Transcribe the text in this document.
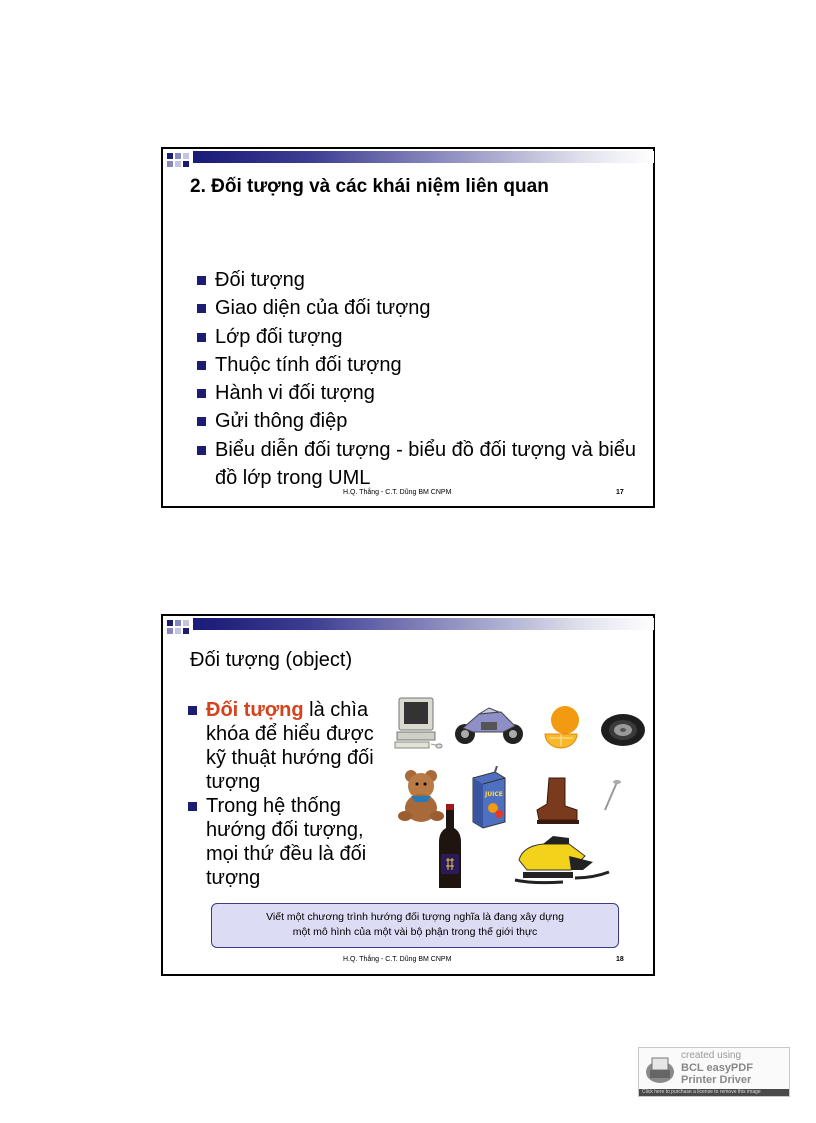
2. Đối tượng và các khái niệm liên quan
Đối tượng
Giao diện của đối tượng
Lớp đối tượng
Thuộc tính đối tượng
Hành vi đối tượng
Gửi thông điệp
Biểu diễn đối tượng - biểu đồ đối tượng và biểu đồ lớp trong UML
H.Q. Thắng - C.T. Dũng BM CNPM	17
Đối tượng (object)
Đối tượng là chìa khóa để hiểu được kỹ thuật hướng đối tượng
Trong hệ thống hướng đối tượng, mọi thứ đều là đối tượng
JUICE
Viết một chương trình hướng đối tượng nghĩa là đang xây dựng
một mô hình của một vài bộ phận trong thế giới thực
H.Q. Thắng - C.T. Dũng BM CNPM	18
created using
BCL easyPDF
Printer Driver
Click here to purchase a license to remove this image
